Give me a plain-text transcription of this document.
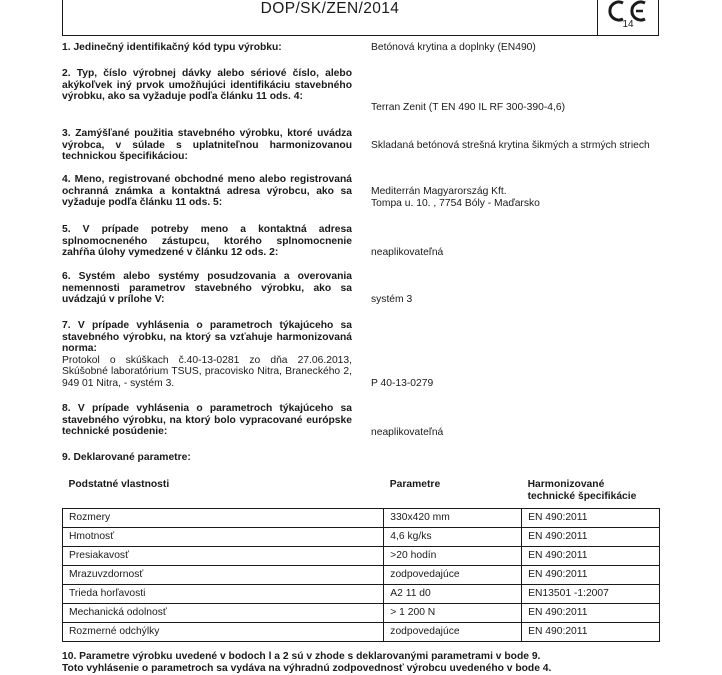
DOP/SK/ZEN/2014
14
1. Jedinečný identifikačný kód typu výrobku:	Betónová krytina a doplnky (EN490)
2. Typ, číslo výrobnej dávky alebo sériové číslo, alebo akýkoľvek iný prvok umožňujúci identifikáciu stavebného výrobku, ako sa vyžaduje podľa článku 11 ods. 4:
Terran Zenit (T EN 490 IL RF 300-390-4,6)
3. Zamýšľané použitia stavebného výrobku, ktoré uvádza výrobca, v súlade s uplatniteľnou harmonizovanou technickou špecifikáciou:
Skladaná betónová strešná krytina šikmých a strmých striech
4. Meno, registrované obchodné meno alebo registrovaná ochranná známka a kontaktná adresa výrobcu, ako sa vyžaduje podľa článku 11 ods. 5:
Mediterrán Magyarország Kft.
Tompa u. 10. , 7754 Bóly - Maďarsko
5. V prípade potreby meno a kontaktná adresa splnomocneného zástupcu, ktorého splnomocnenie zahŕňa úlohy vymedzené v článku 12 ods. 2:	neaplikovateľná
6. Systém alebo systémy posudzovania a overovania nemennosti parametrov stavebného výrobku, ako sa uvádzajú v prílohe V:	systém 3
7. V prípade vyhlásenia o parametroch týkajúceho sa stavebného výrobku, na ktorý sa vzťahuje harmonizovaná norma:
Protokol o skúškach č.40-13-0281 zo dňa 27.06.2013, Skúšobné laboratórium TSUS, pracovisko Nitra, Braneckého 2, 949 01 Nitra, - systém 3.	P 40-13-0279
8. V prípade vyhlásenia o parametroch týkajúceho sa stavebného výrobku, na ktorý bolo vypracované európske technické posúdenie:	neaplikovateľná
9. Deklarované parametre:
Podstatné vlastnosti	Parametre	Harmonizované technické špecifikácie
Rozmery	330x420 mm	EN 490:2011
Hmotnosť	4,6 kg/ks	EN 490:2011
Presiakavosť	>20 hodín	EN 490:2011
Mrazuvzdornosť	zodpovedajúce	EN 490:2011
Trieda horľavosti	A2 11 d0	EN13501 -1:2007
Mechanická odolnosť	> 1 200 N	EN 490:2011
Rozmerné odchýlky	zodpovedajúce	EN 490:2011
10. Parametre výrobku uvedené v bodoch l a 2 sú v zhode s deklarovanými parametrami v bode 9.
Toto vyhlásenie o parametroch sa vydáva na výhradnú zodpovednosť výrobcu uvedeného v bode 4.
